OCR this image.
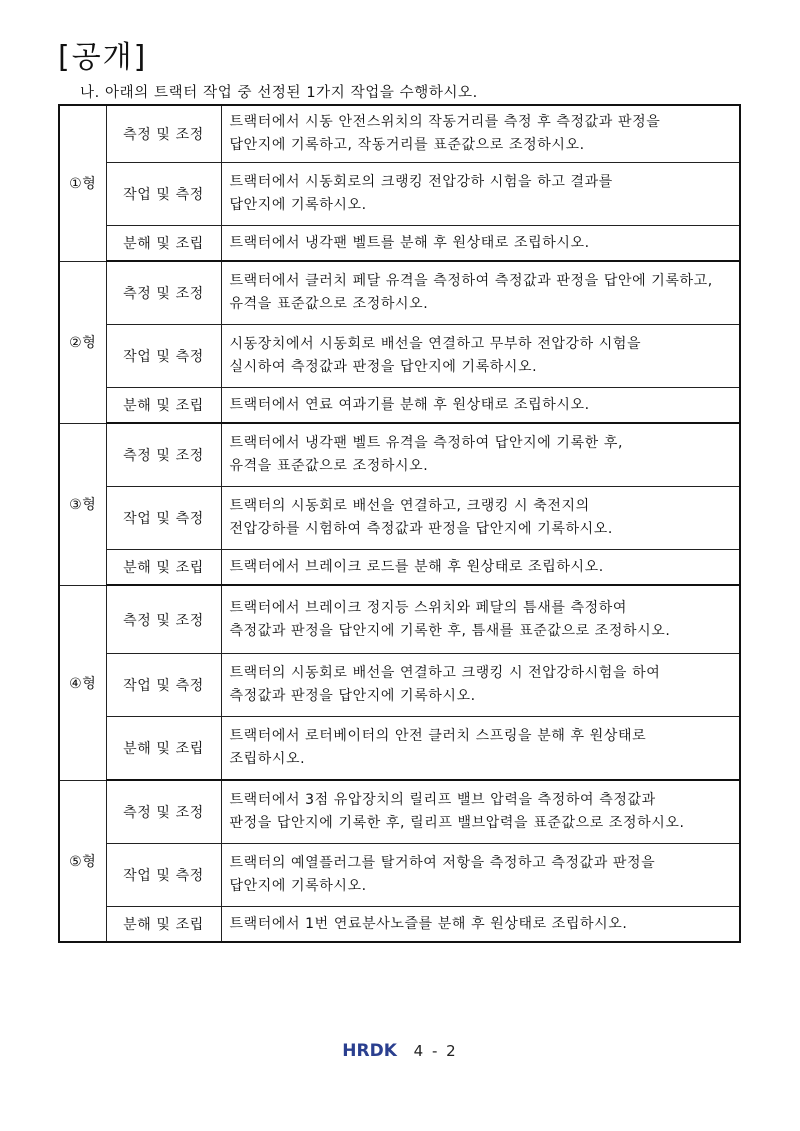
[공개]
나. 아래의 트랙터 작업 중 선정된 1가지 작업을 수행하시오.
①형	측정 및 조정	트랙터에서 시동 안전스위치의 작동거리를 측정 후 측정값과 판정을
답안지에 기록하고, 작동거리를 표준값으로 조정하시오.

	작업 및 측정	트랙터에서 시동회로의 크랭킹 전압강하 시험을 하고 결과를
답안지에 기록하시오.

	분해 및 조립	트랙터에서 냉각팬 벨트를 분해 후 원상태로 조립하시오.

②형	측정 및 조정	트랙터에서 클러치 페달 유격을 측정하여 측정값과 판정을 답안에 기록하고,
유격을 표준값으로 조정하시오.

	작업 및 측정	시동장치에서 시동회로 배선을 연결하고 무부하 전압강하 시험을
실시하여 측정값과 판정을 답안지에 기록하시오.

	분해 및 조립	트랙터에서 연료 여과기를 분해 후 원상태로 조립하시오.

③형	측정 및 조정	트랙터에서 냉각팬 벨트 유격을 측정하여 답안지에 기록한 후,
유격을 표준값으로 조정하시오.

	작업 및 측정	트랙터의 시동회로 배선을 연결하고, 크랭킹 시 축전지의
전압강하를 시험하여 측정값과 판정을 답안지에 기록하시오.

	분해 및 조립	트랙터에서 브레이크 로드를 분해 후 원상태로 조립하시오.

④형	측정 및 조정	트랙터에서 브레이크 정지등 스위치와 페달의 틈새를 측정하여
측정값과 판정을 답안지에 기록한 후, 틈새를 표준값으로 조정하시오.

	작업 및 측정	트랙터의 시동회로 배선을 연결하고 크랭킹 시 전압강하시험을 하여
측정값과 판정을 답안지에 기록하시오.

	분해 및 조립	트랙터에서 로터베이터의 안전 클러치 스프링을 분해 후 원상태로
조립하시오.

⑤형	측정 및 조정	트랙터에서 3점 유압장치의 릴리프 밸브 압력을 측정하여 측정값과
판정을 답안지에 기록한 후, 릴리프 밸브압력을 표준값으로 조정하시오.

	작업 및 측정	트랙터의 예열플러그를 탈거하여 저항을 측정하고 측정값과 판정을
답안지에 기록하시오.

	분해 및 조립	트랙터에서 1번 연료분사노즐를 분해 후 원상태로 조립하시오.
HRDK 4 - 2
